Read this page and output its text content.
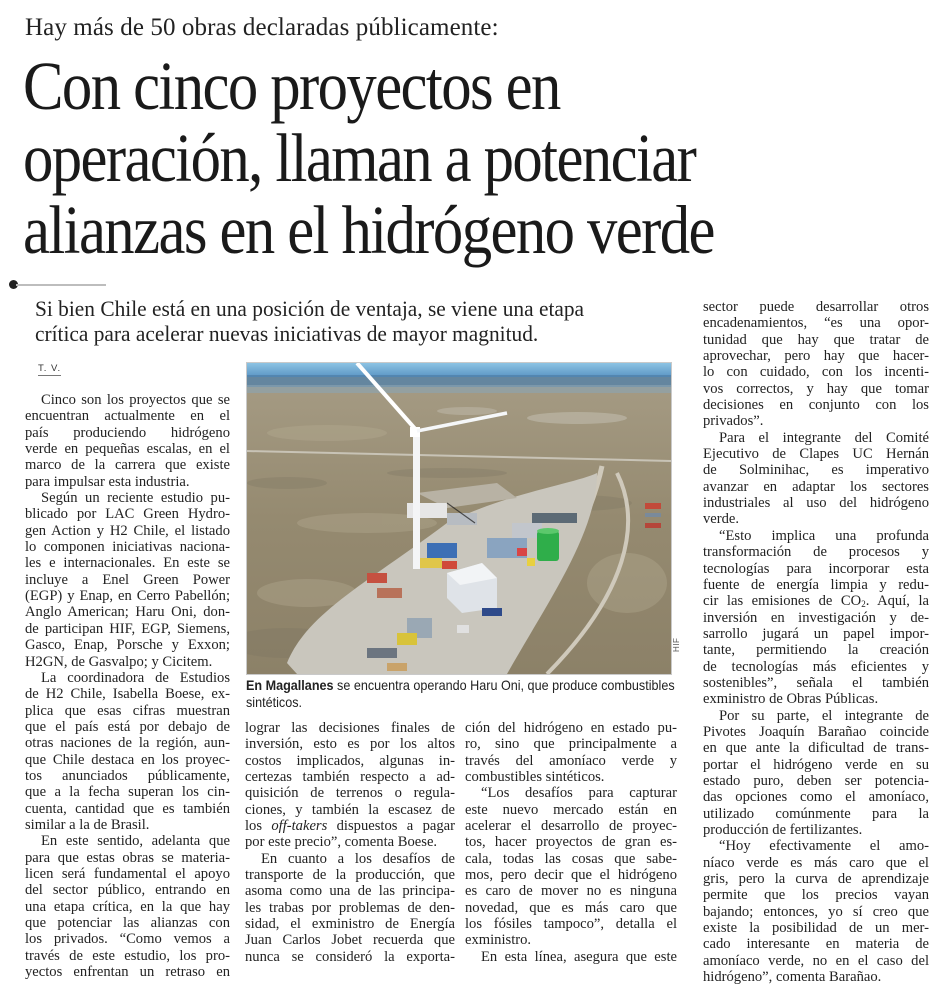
Hay más de 50 obras declaradas públicamente:
Con cinco proyectos en
operación, llaman a potenciar
alianzas en el hidrógeno verde
Si bien Chile está en una posición de ventaja, se viene una etapa
crítica para acelerar nuevas iniciativas de mayor magnitud.
T. V.

Cinco son los proyectos que se
encuentran actualmente en el
país produciendo hidrógeno
verde en pequeñas escalas, en el
marco de la carrera que existe
para impulsar esta industria.

Según un reciente estudio pu-
blicado por LAC Green Hydro-
gen Action y H2 Chile, el listado
lo componen iniciativas naciona-
les e internacionales. En este se
incluye a Enel Green Power
(EGP) y Enap, en Cerro Pabellón;
Anglo American; Haru Oni, don-
de participan HIF, EGP, Siemens,
Gasco, Enap, Porsche y Exxon;
H2GN, de Gasvalpo; y Cicitem.

La coordinadora de Estudios
de H2 Chile, Isabella Boese, ex-
plica que esas cifras muestran
que el país está por debajo de
otras naciones de la región, aun-
que Chile destaca en los proyec-
tos anunciados públicamente,
que a la fecha superan los cin-
cuenta, cantidad que es también
similar a la de Brasil.

En este sentido, adelanta que
para que estas obras se materia-
licen será fundamental el apoyo
del sector público, entrando en
una etapa crítica, en la que hay
que potenciar las alianzas con
los privados. “Como vemos a
través de este estudio, los pro-
yectos enfrentan un retraso en

HIF
En Magallanes se encuentra operando Haru Oni, que produce combustibles
sintéticos.

lograr las decisiones finales de
inversión, esto es por los altos
costos implicados, algunas in-
certezas también respecto a ad-
quisición de terrenos o regula-
ciones, y también la escasez de
los off-takers dispuestos a pagar
por este precio”, comenta Boese.

En cuanto a los desafíos de
transporte de la producción, que
asoma como una de las principa-
les trabas por problemas de den-
sidad, el exministro de Energía
Juan Carlos Jobet recuerda que
nunca se consideró la exporta-

ción del hidrógeno en estado pu-
ro, sino que principalmente a
través del amoníaco verde y
combustibles sintéticos.

“Los desafíos para capturar
este nuevo mercado están en
acelerar el desarrollo de proyec-
tos, hacer proyectos de gran es-
cala, todas las cosas que sabe-
mos, pero decir que el hidrógeno
es caro de mover no es ninguna
novedad, que es más caro que
los fósiles tampoco”, detalla el
exministro.

En esta línea, asegura que este

sector puede desarrollar otros
encadenamientos, “es una opor-
tunidad que hay que tratar de
aprovechar, pero hay que hacer-
lo con cuidado, con los incenti-
vos correctos, y hay que tomar
decisiones en conjunto con los
privados”.

Para el integrante del Comité
Ejecutivo de Clapes UC Hernán
de Solminihac, es imperativo
avanzar en adaptar los sectores
industriales al uso del hidrógeno
verde.

“Esto implica una profunda
transformación de procesos y
tecnologías para incorporar esta
fuente de energía limpia y redu-
cir las emisiones de $CO_2$. Aquí, la
inversión en investigación y de-
sarrollo jugará un papel impor-
tante, permitiendo la creación
de tecnologías más eficientes y
sostenibles”, señala el también
exministro de Obras Públicas.

Por su parte, el integrante de
Pivotes Joaquín Barañao coincide
en que ante la dificultad de trans-
portar el hidrógeno verde en su
estado puro, deben ser potencia-
das opciones como el amoníaco,
utilizado comúnmente para la
producción de fertilizantes.

“Hoy efectivamente el amo-
níaco verde es más caro que el
gris, pero la curva de aprendizaje
permite que los precios vayan
bajando; entonces, yo sí creo que
existe la posibilidad de un mer-
cado interesante en materia de
amoníaco verde, no en el caso del
hidrógeno”, comenta Barañao.
